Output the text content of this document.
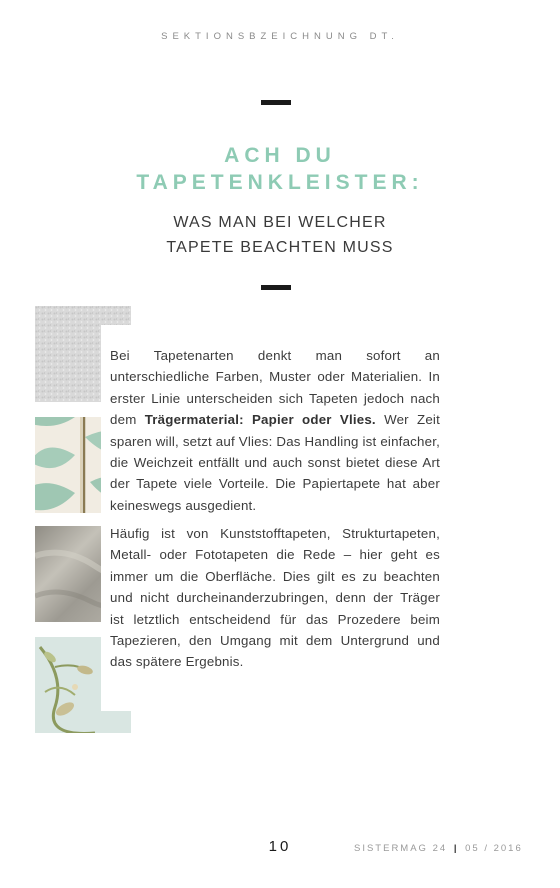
SEKTIONSBZEICHNUNG DT.
ACH DU
TAPETENKLEISTER:
WAS MAN BEI WELCHER
TAPETE BEACHTEN MUSS
Bei Tapetenarten denkt man sofort an unterschiedliche Farben, Muster oder Materialien. In erster Linie unterscheiden sich Tapeten jedoch nach dem Trägermaterial: Papier oder Vlies. Wer Zeit sparen will, setzt auf Vlies: Das Handling ist einfacher, die Weichzeit entfällt und auch sonst bietet diese Art der Tapete viele Vorteile. Die Papiertapete hat aber keineswegs ausgedient.
Häufig ist von Kunststofftapeten, Strukturtapeten, Metall- oder Fototapeten die Rede – hier geht es immer um die Oberfläche. Dies gilt es zu beachten und nicht durcheinanderzubringen, denn der Träger ist letztlich entscheidend für das Prozedere beim Tapezieren, den Umgang mit dem Untergrund und das spätere Ergebnis.
10	SISTERMAG 24 | 05 / 2016
